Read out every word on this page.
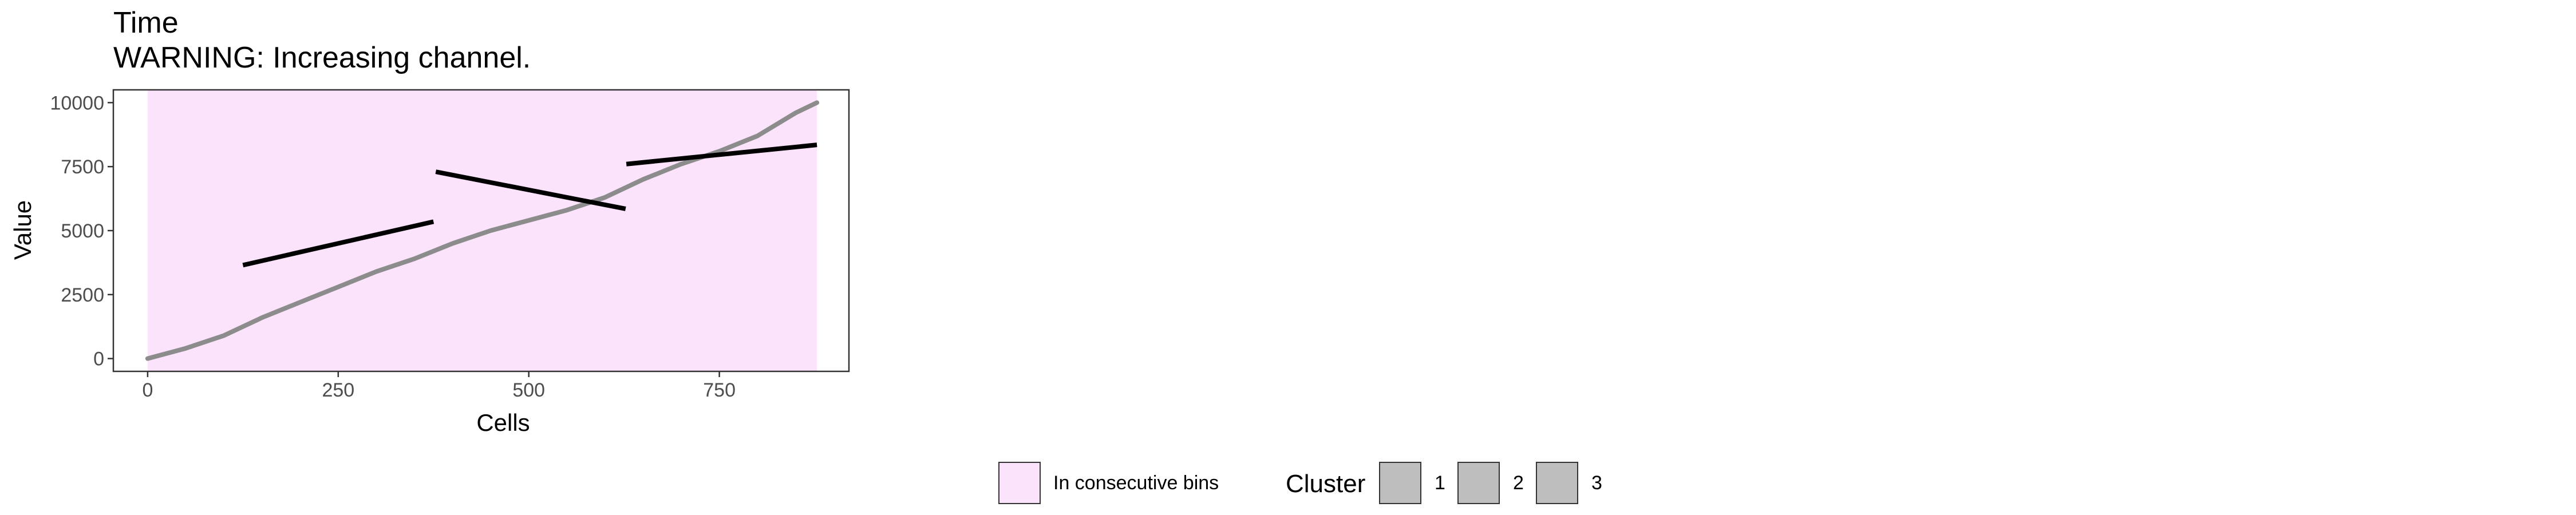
Time
WARNING: Increasing channel.
0	250	500	750
0
2500
5000
7500
10000
Cells
Value
In consecutive bins	Cluster	1	2	3
